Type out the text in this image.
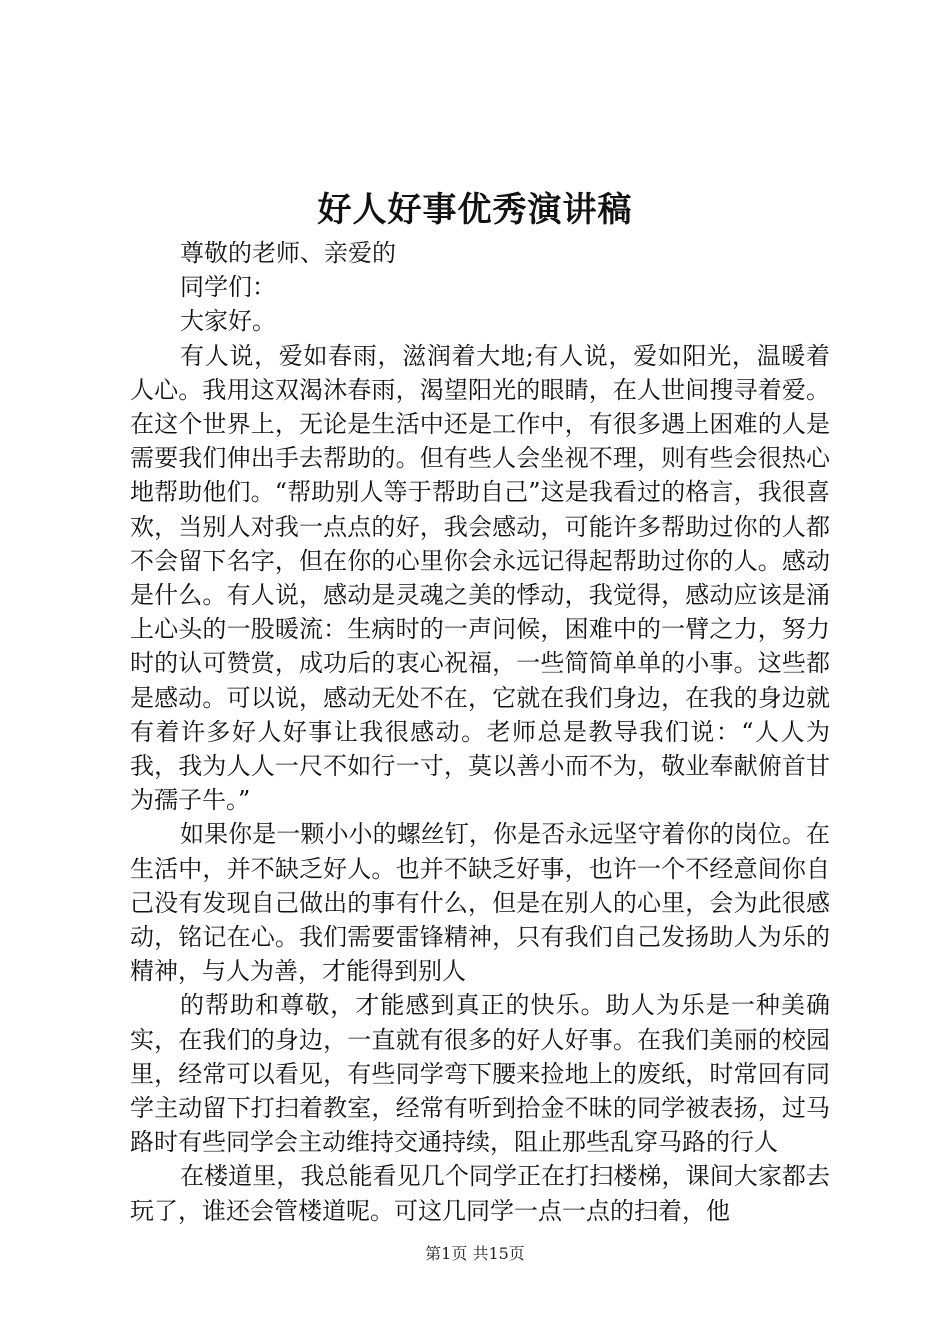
好人好事优秀演讲稿

尊敬的老师、亲爱的

同学们：

大家好。

有人说，爱如春雨，滋润着大地;有人说，爱如阳光，温暖着人心。我用这双渴沐春雨，渴望阳光的眼睛，在人世间搜寻着爱。在这个世界上，无论是生活中还是工作中，有很多遇上困难的人是需要我们伸出手去帮助的。但有些人会坐视不理，则有些会很热心地帮助他们。“帮助别人等于帮助自己”这是我看过的格言，我很喜欢，当别人对我一点点的好，我会感动，可能许多帮助过你的人都不会留下名字，但在你的心里你会永远记得起帮助过你的人。感动是什么。有人说，感动是灵魂之美的悸动，我觉得，感动应该是涌上心头的一股暖流：生病时的一声问候，困难中的一臂之力，努力时的认可赞赏，成功后的衷心祝福，一些简简单单的小事。这些都是感动。可以说，感动无处不在，它就在我们身边，在我的身边就有着许多好人好事让我很感动。老师总是教导我们说：“人人为我，我为人人一尺不如行一寸，莫以善小而不为，敬业奉献俯首甘为孺子牛。”

如果你是一颗小小的螺丝钉，你是否永远坚守着你的岗位。在生活中，并不缺乏好人。也并不缺乏好事，也许一个不经意间你自己没有发现自己做出的事有什么，但是在别人的心里，会为此很感动，铭记在心。我们需要雷锋精神，只有我们自己发扬助人为乐的精神，与人为善，才能得到别人

的帮助和尊敬，才能感到真正的快乐。助人为乐是一种美确实，在我们的身边，一直就有很多的好人好事。在我们美丽的校园里，经常可以看见，有些同学弯下腰来捡地上的废纸，时常回有同学主动留下打扫着教室，经常有听到拾金不昧的同学被表扬，过马路时有些同学会主动维持交通持续，阻止那些乱穿马路的行人

在楼道里，我总能看见几个同学正在打扫楼梯，课间大家都去玩了，谁还会管楼道呢。可这几同学一点一点的扫着，他

第1页 共15页
